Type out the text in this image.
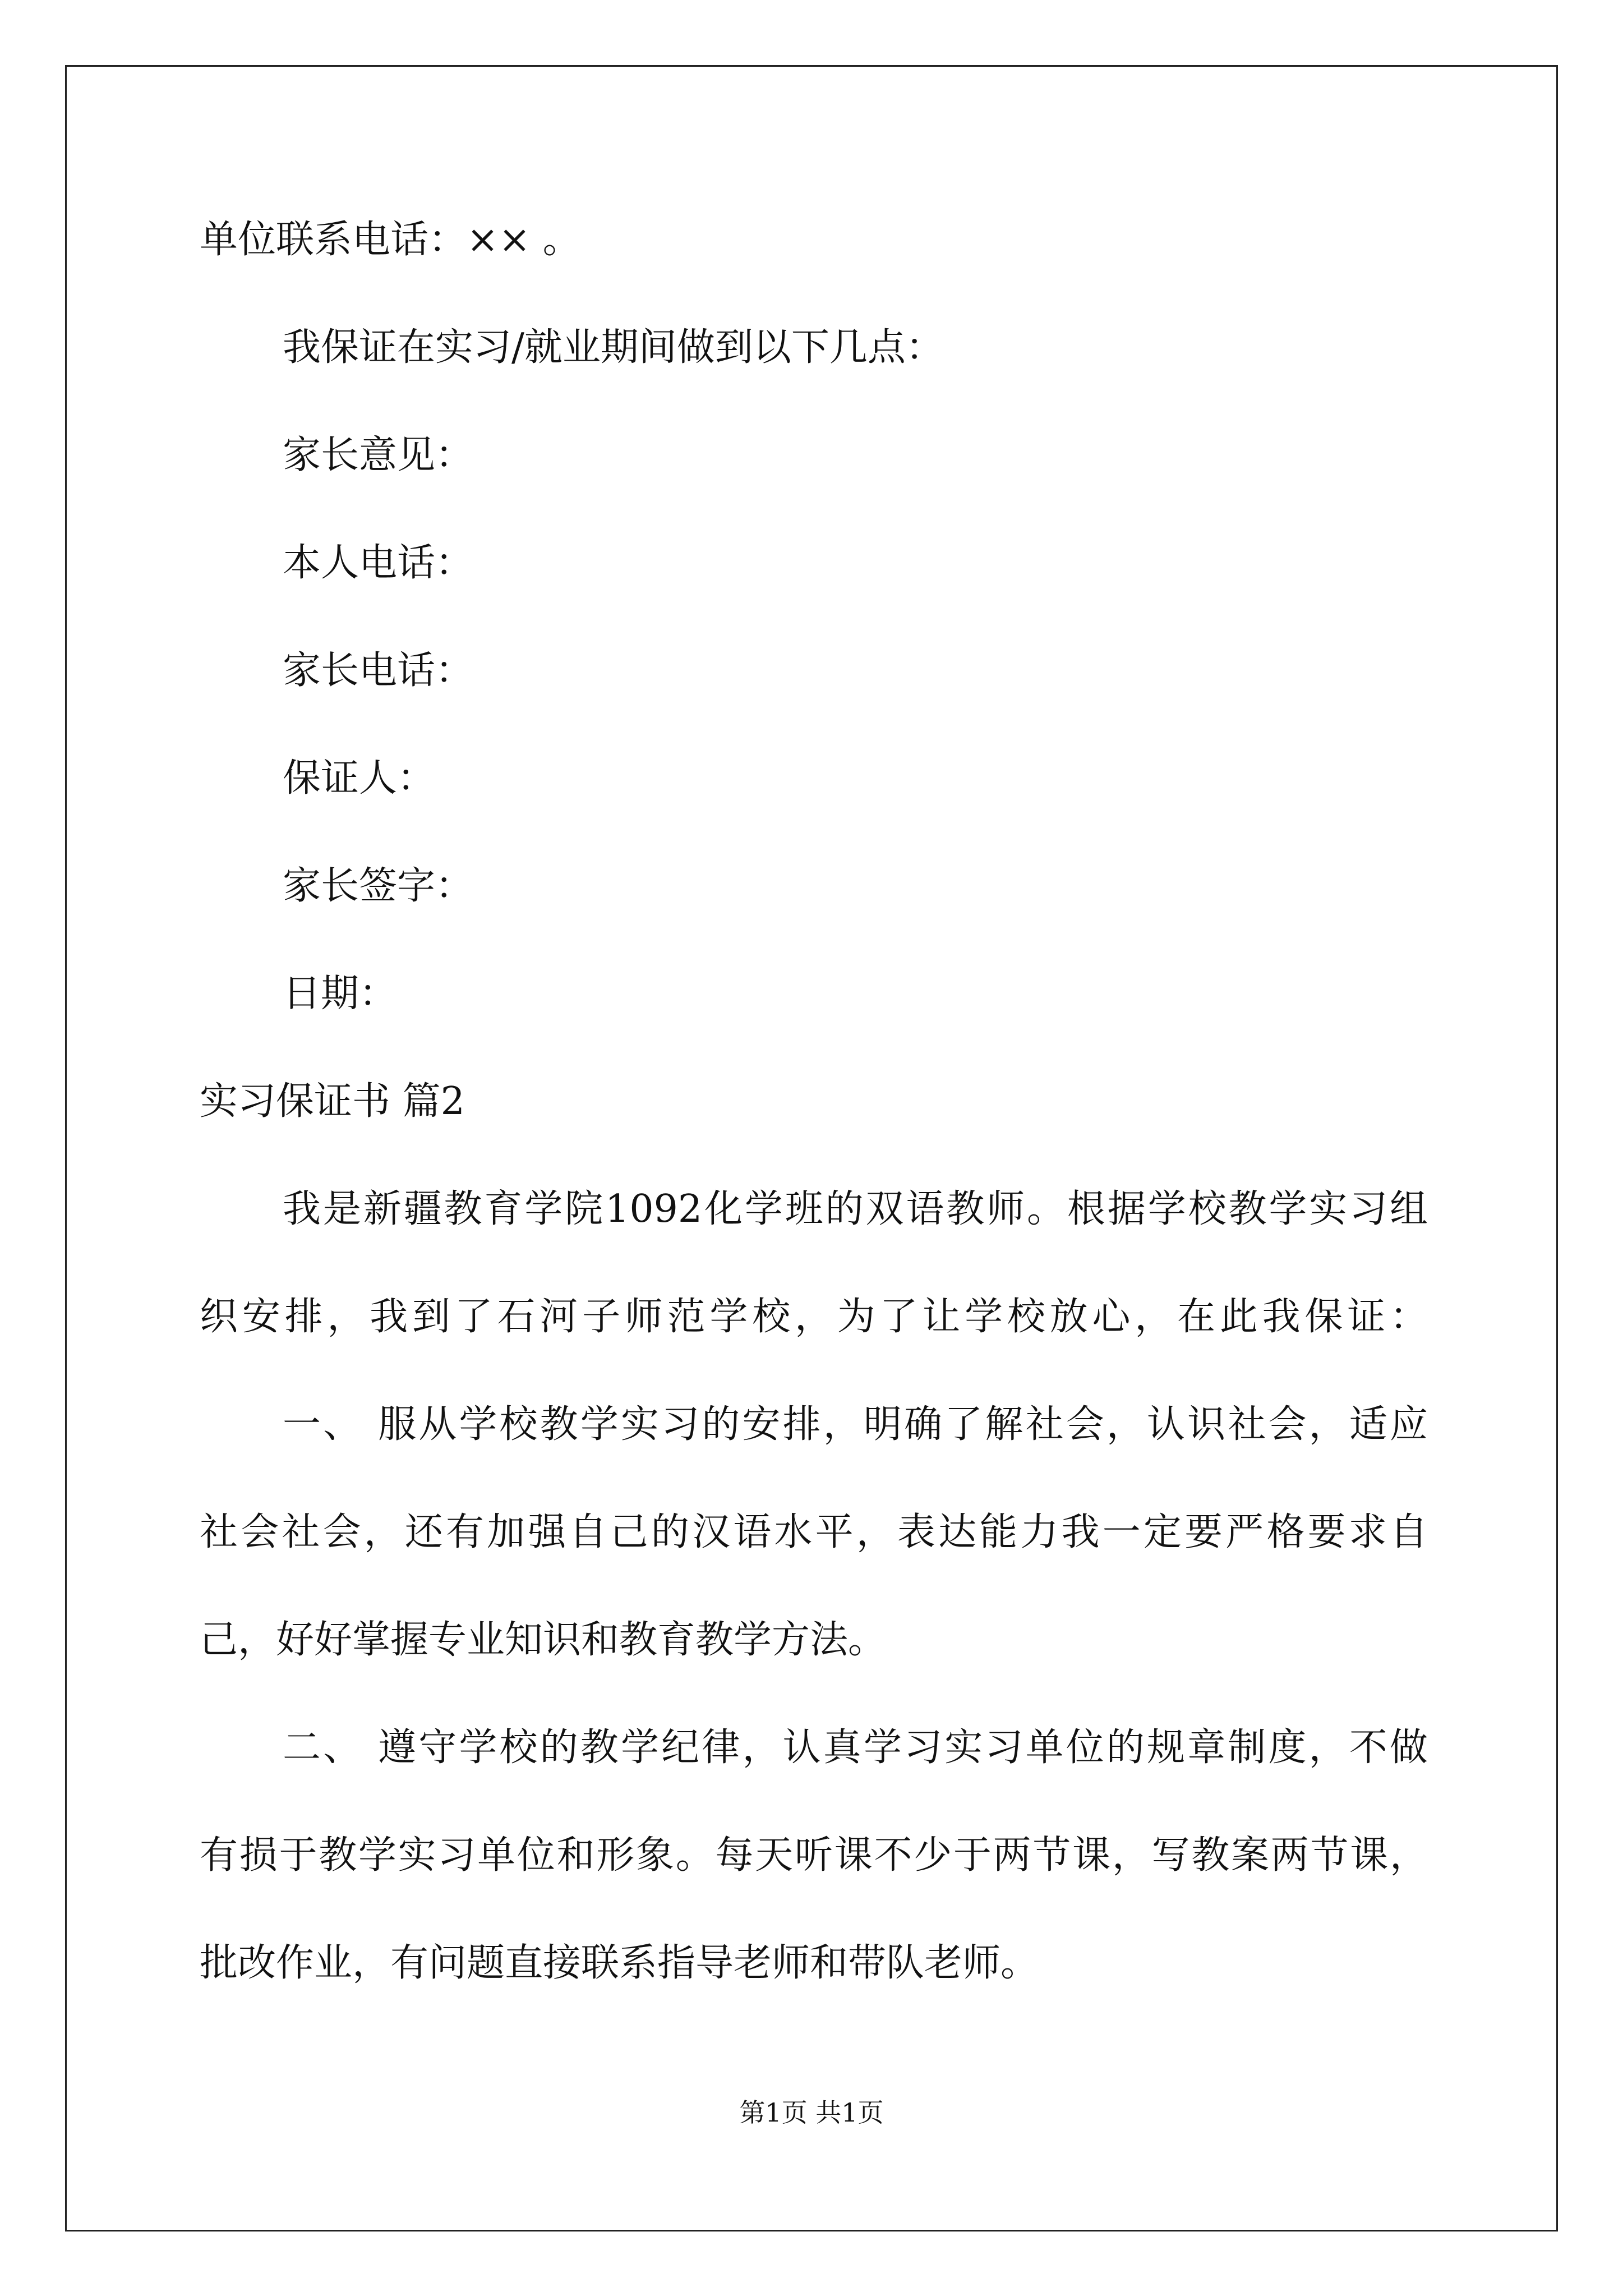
单位联系电话：×× 。
我保证在实习/就业期间做到以下几点：
家长意见：
本人电话：
家长电话：
保证人：
家长签字：
日期：
实习保证书 篇2
我是新疆教育学院1092化学班的双语教师。根据学校教学实习组
织安排，我到了石河子师范学校，为了让学校放心，在此我保证：
一、 服从学校教学实习的安排，明确了解社会，认识社会，适应
社会社会，还有加强自己的汉语水平，表达能力我一定要严格要求自
己，好好掌握专业知识和教育教学方法。
二、 遵守学校的教学纪律，认真学习实习单位的规章制度，不做
有损于教学实习单位和形象。每天听课不少于两节课，写教案两节课，
批改作业，有问题直接联系指导老师和带队老师。
第1页 共1页
